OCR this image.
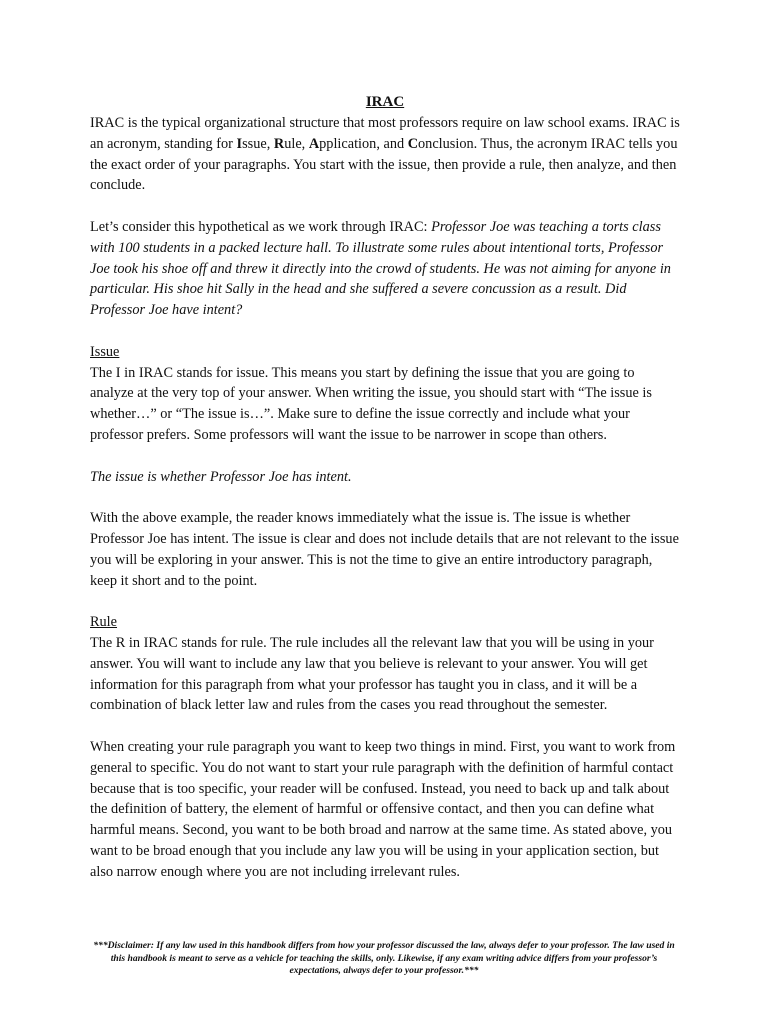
IRAC

IRAC is the typical organizational structure that most professors require on law school exams. IRAC is an acronym, standing for Issue, Rule, Application, and Conclusion. Thus, the acronym IRAC tells you the exact order of your paragraphs. You start with the issue, then provide a rule, then analyze, and then conclude.

Let’s consider this hypothetical as we work through IRAC: Professor Joe was teaching a torts class with 100 students in a packed lecture hall. To illustrate some rules about intentional torts, Professor Joe took his shoe off and threw it directly into the crowd of students. He was not aiming for anyone in particular. His shoe hit Sally in the head and she suffered a severe concussion as a result. Did Professor Joe have intent?

Issue

The I in IRAC stands for issue. This means you start by defining the issue that you are going to analyze at the very top of your answer. When writing the issue, you should start with “The issue is whether…” or “The issue is…”. Make sure to define the issue correctly and include what your professor prefers. Some professors will want the issue to be narrower in scope than others.

The issue is whether Professor Joe has intent.

With the above example, the reader knows immediately what the issue is. The issue is whether Professor Joe has intent. The issue is clear and does not include details that are not relevant to the issue you will be exploring in your answer. This is not the time to give an entire introductory paragraph, keep it short and to the point.

Rule

The R in IRAC stands for rule. The rule includes all the relevant law that you will be using in your answer. You will want to include any law that you believe is relevant to your answer. You will get information for this paragraph from what your professor has taught you in class, and it will be a combination of black letter law and rules from the cases you read throughout the semester.

When creating your rule paragraph you want to keep two things in mind. First, you want to work from general to specific. You do not want to start your rule paragraph with the definition of harmful contact because that is too specific, your reader will be confused. Instead, you need to back up and talk about the definition of battery, the element of harmful or offensive contact, and then you can define what harmful means. Second, you want to be both broad and narrow at the same time. As stated above, you want to be broad enough that you include any law you will be using in your application section, but also narrow enough where you are not including irrelevant rules.

***Disclaimer: If any law used in this handbook differs from how your professor discussed the law, always defer to your professor. The law used in this handbook is meant to serve as a vehicle for teaching the skills, only. Likewise, if any exam writing advice differs from your professor’s expectations, always defer to your professor.***
